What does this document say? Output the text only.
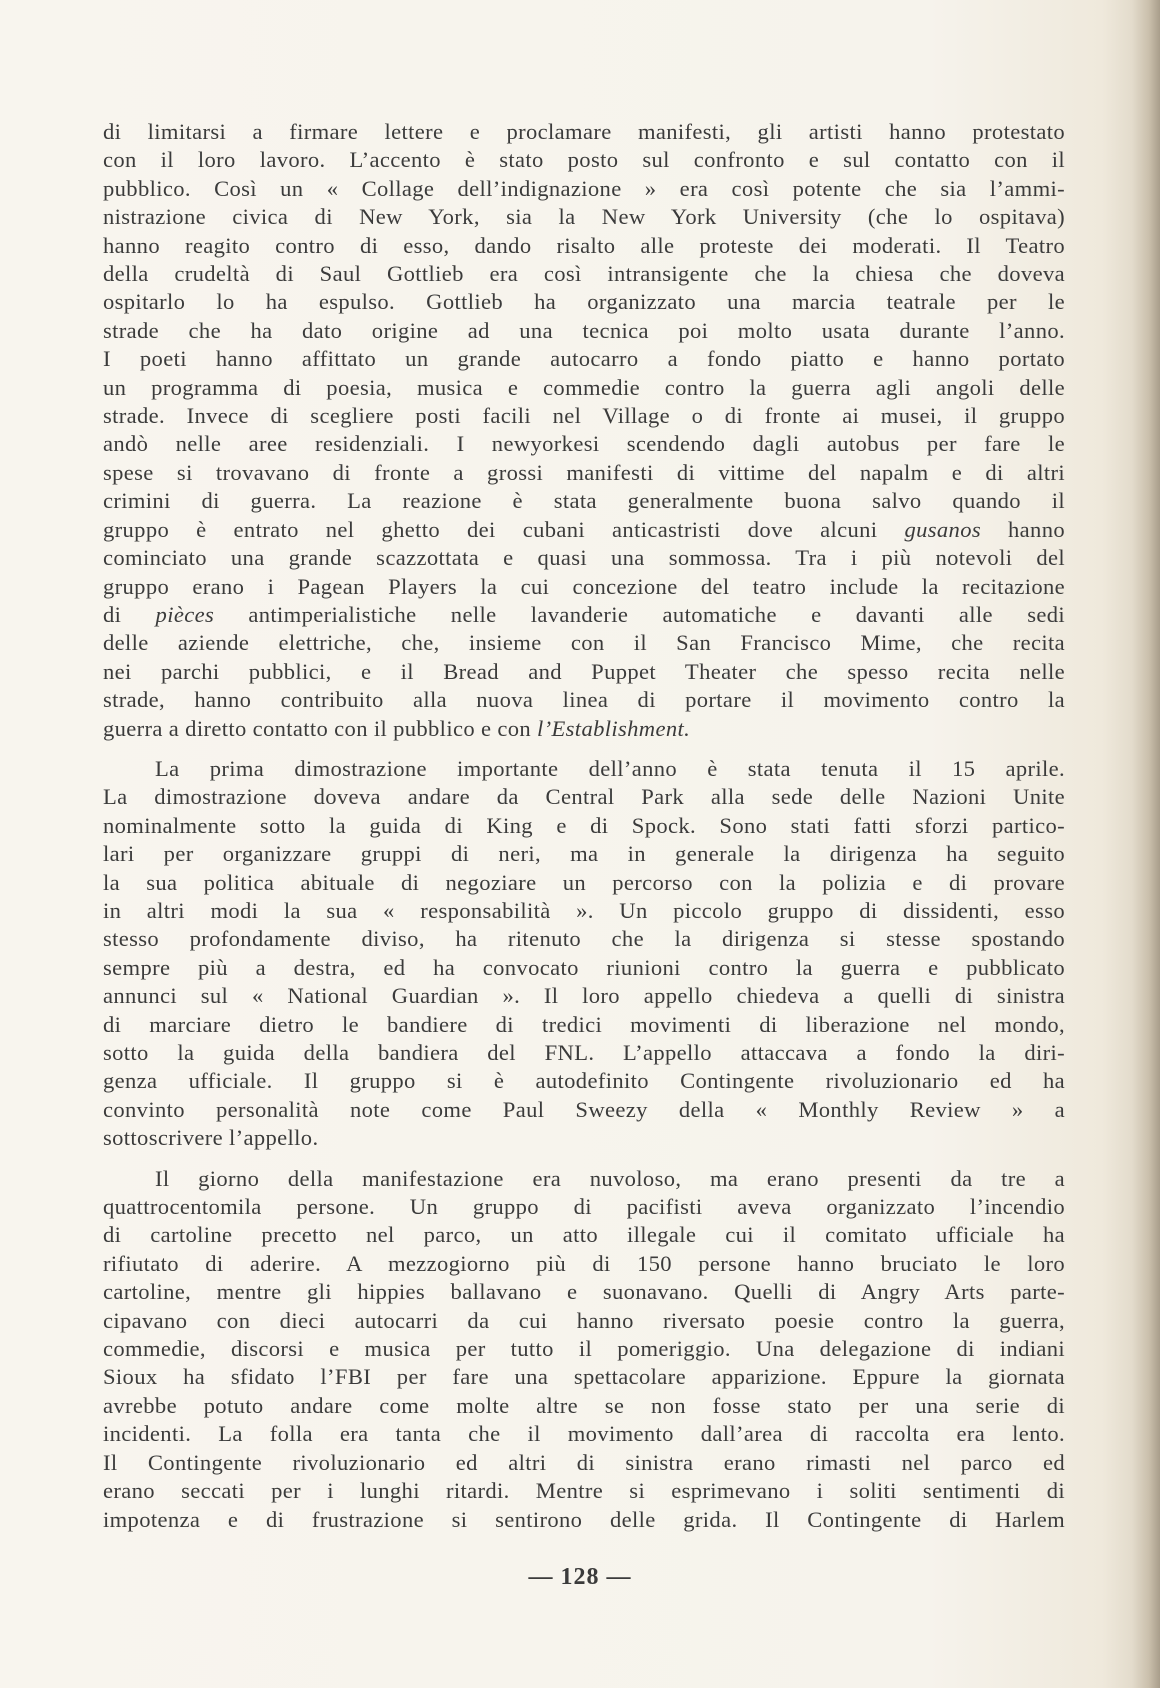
di limitarsi a firmare lettere e proclamare manifesti, gli artisti hanno protestato
con il loro lavoro. L’accento è stato posto sul confronto e sul contatto con il
pubblico. Così un « Collage dell’indignazione » era così potente che sia l’ammi-
nistrazione civica di New York, sia la New York University (che lo ospitava)
hanno reagito contro di esso, dando risalto alle proteste dei moderati. Il Teatro
della crudeltà di Saul Gottlieb era così intransigente che la chiesa che doveva
ospitarlo lo ha espulso. Gottlieb ha organizzato una marcia teatrale per le
strade che ha dato origine ad una tecnica poi molto usata durante l’anno.
I poeti hanno affittato un grande autocarro a fondo piatto e hanno portato
un programma di poesia, musica e commedie contro la guerra agli angoli delle
strade. Invece di scegliere posti facili nel Village o di fronte ai musei, il gruppo
andò nelle aree residenziali. I newyorkesi scendendo dagli autobus per fare le
spese si trovavano di fronte a grossi manifesti di vittime del napalm e di altri
crimini di guerra. La reazione è stata generalmente buona salvo quando il
gruppo è entrato nel ghetto dei cubani anticastristi dove alcuni gusanos hanno
cominciato una grande scazzottata e quasi una sommossa. Tra i più notevoli del
gruppo erano i Pagean Players la cui concezione del teatro include la recitazione
di pièces antimperialistiche nelle lavanderie automatiche e davanti alle sedi
delle aziende elettriche, che, insieme con il San Francisco Mime, che recita
nei parchi pubblici, e il Bread and Puppet Theater che spesso recita nelle
strade, hanno contribuito alla nuova linea di portare il movimento contro la
guerra a diretto contatto con il pubblico e con l’Establishment.

La prima dimostrazione importante dell’anno è stata tenuta il 15 aprile.
La dimostrazione doveva andare da Central Park alla sede delle Nazioni Unite
nominalmente sotto la guida di King e di Spock. Sono stati fatti sforzi partico-
lari per organizzare gruppi di neri, ma in generale la dirigenza ha seguito
la sua politica abituale di negoziare un percorso con la polizia e di provare
in altri modi la sua « responsabilità ». Un piccolo gruppo di dissidenti, esso
stesso profondamente diviso, ha ritenuto che la dirigenza si stesse spostando
sempre più a destra, ed ha convocato riunioni contro la guerra e pubblicato
annunci sul « National Guardian ». Il loro appello chiedeva a quelli di sinistra
di marciare dietro le bandiere di tredici movimenti di liberazione nel mondo,
sotto la guida della bandiera del FNL. L’appello attaccava a fondo la diri-
genza ufficiale. Il gruppo si è autodefinito Contingente rivoluzionario ed ha
convinto personalità note come Paul Sweezy della « Monthly Review » a
sottoscrivere l’appello.

Il giorno della manifestazione era nuvoloso, ma erano presenti da tre a
quattrocentomila persone. Un gruppo di pacifisti aveva organizzato l’incendio
di cartoline precetto nel parco, un atto illegale cui il comitato ufficiale ha
rifiutato di aderire. A mezzogiorno più di 150 persone hanno bruciato le loro
cartoline, mentre gli hippies ballavano e suonavano. Quelli di Angry Arts parte-
cipavano con dieci autocarri da cui hanno riversato poesie contro la guerra,
commedie, discorsi e musica per tutto il pomeriggio. Una delegazione di indiani
Sioux ha sfidato l’FBI per fare una spettacolare apparizione. Eppure la giornata
avrebbe potuto andare come molte altre se non fosse stato per una serie di
incidenti. La folla era tanta che il movimento dall’area di raccolta era lento.
Il Contingente rivoluzionario ed altri di sinistra erano rimasti nel parco ed
erano seccati per i lunghi ritardi. Mentre si esprimevano i soliti sentimenti di
impotenza e di frustrazione si sentirono delle grida. Il Contingente di Harlem

— 128 —
